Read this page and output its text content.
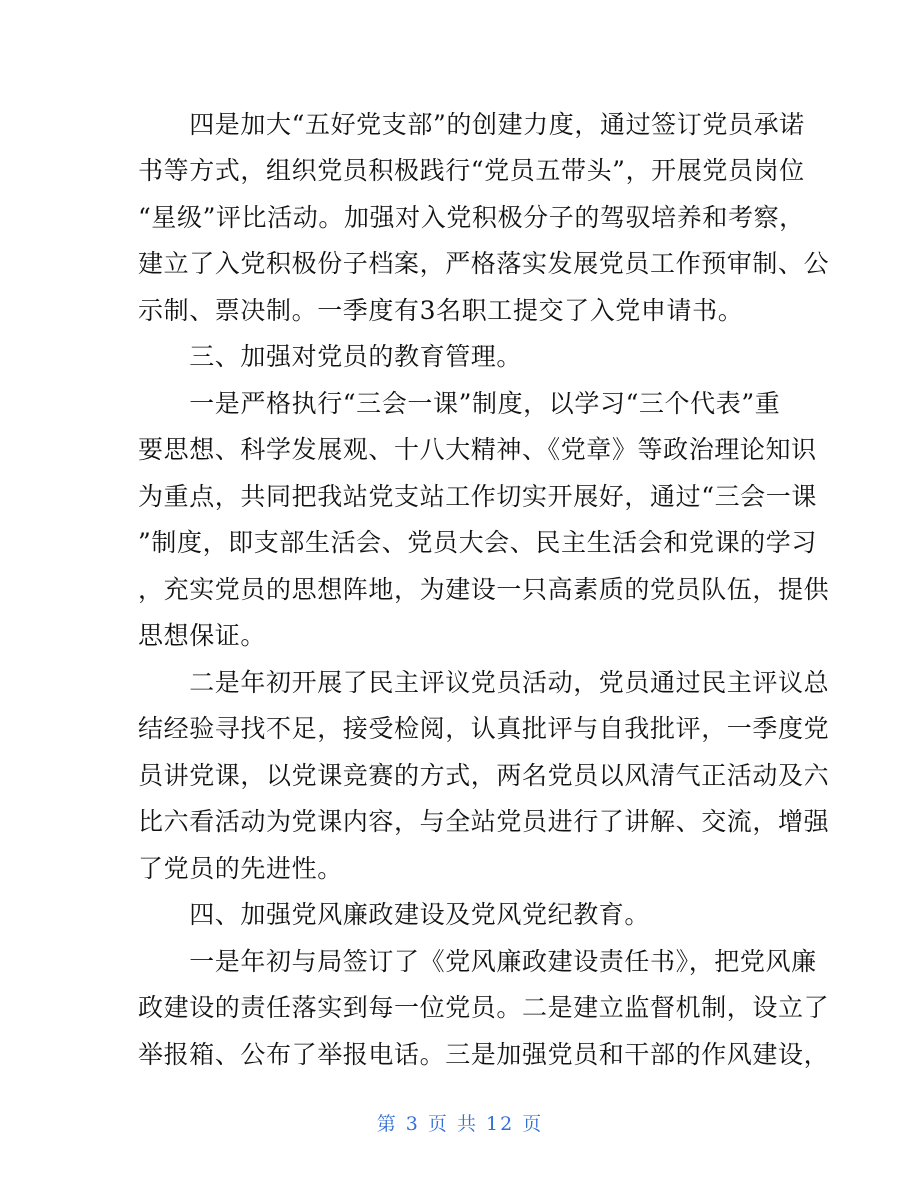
　　四是加大“五好党支部”的创建力度，通过签订党员承诺
书等方式，组织党员积极践行“党员五带头”，开展党员岗位
“星级”评比活动。加强对入党积极分子的驾驭培养和考察，
建立了入党积极份子档案，严格落实发展党员工作预审制、公
示制、票决制。一季度有3名职工提交了入党申请书。
　　三、加强对党员的教育管理。
　　一是严格执行“三会一课”制度，以学习“三个代表”重
要思想、科学发展观、十八大精神、《党章》等政治理论知识
为重点，共同把我站党支站工作切实开展好，通过“三会一课
”制度，即支部生活会、党员大会、民主生活会和党课的学习
，充实党员的思想阵地，为建设一只高素质的党员队伍，提供
思想保证。
　　二是年初开展了民主评议党员活动，党员通过民主评议总
结经验寻找不足，接受检阅，认真批评与自我批评，一季度党
员讲党课，以党课竞赛的方式，两名党员以风清气正活动及六
比六看活动为党课内容，与全站党员进行了讲解、交流，增强
了党员的先进性。
　　四、加强党风廉政建设及党风党纪教育。
　　一是年初与局签订了《党风廉政建设责任书》，把党风廉
政建设的责任落实到每一位党员。二是建立监督机制，设立了
举报箱、公布了举报电话。三是加强党员和干部的作风建设，
第 3 页 共 12 页
